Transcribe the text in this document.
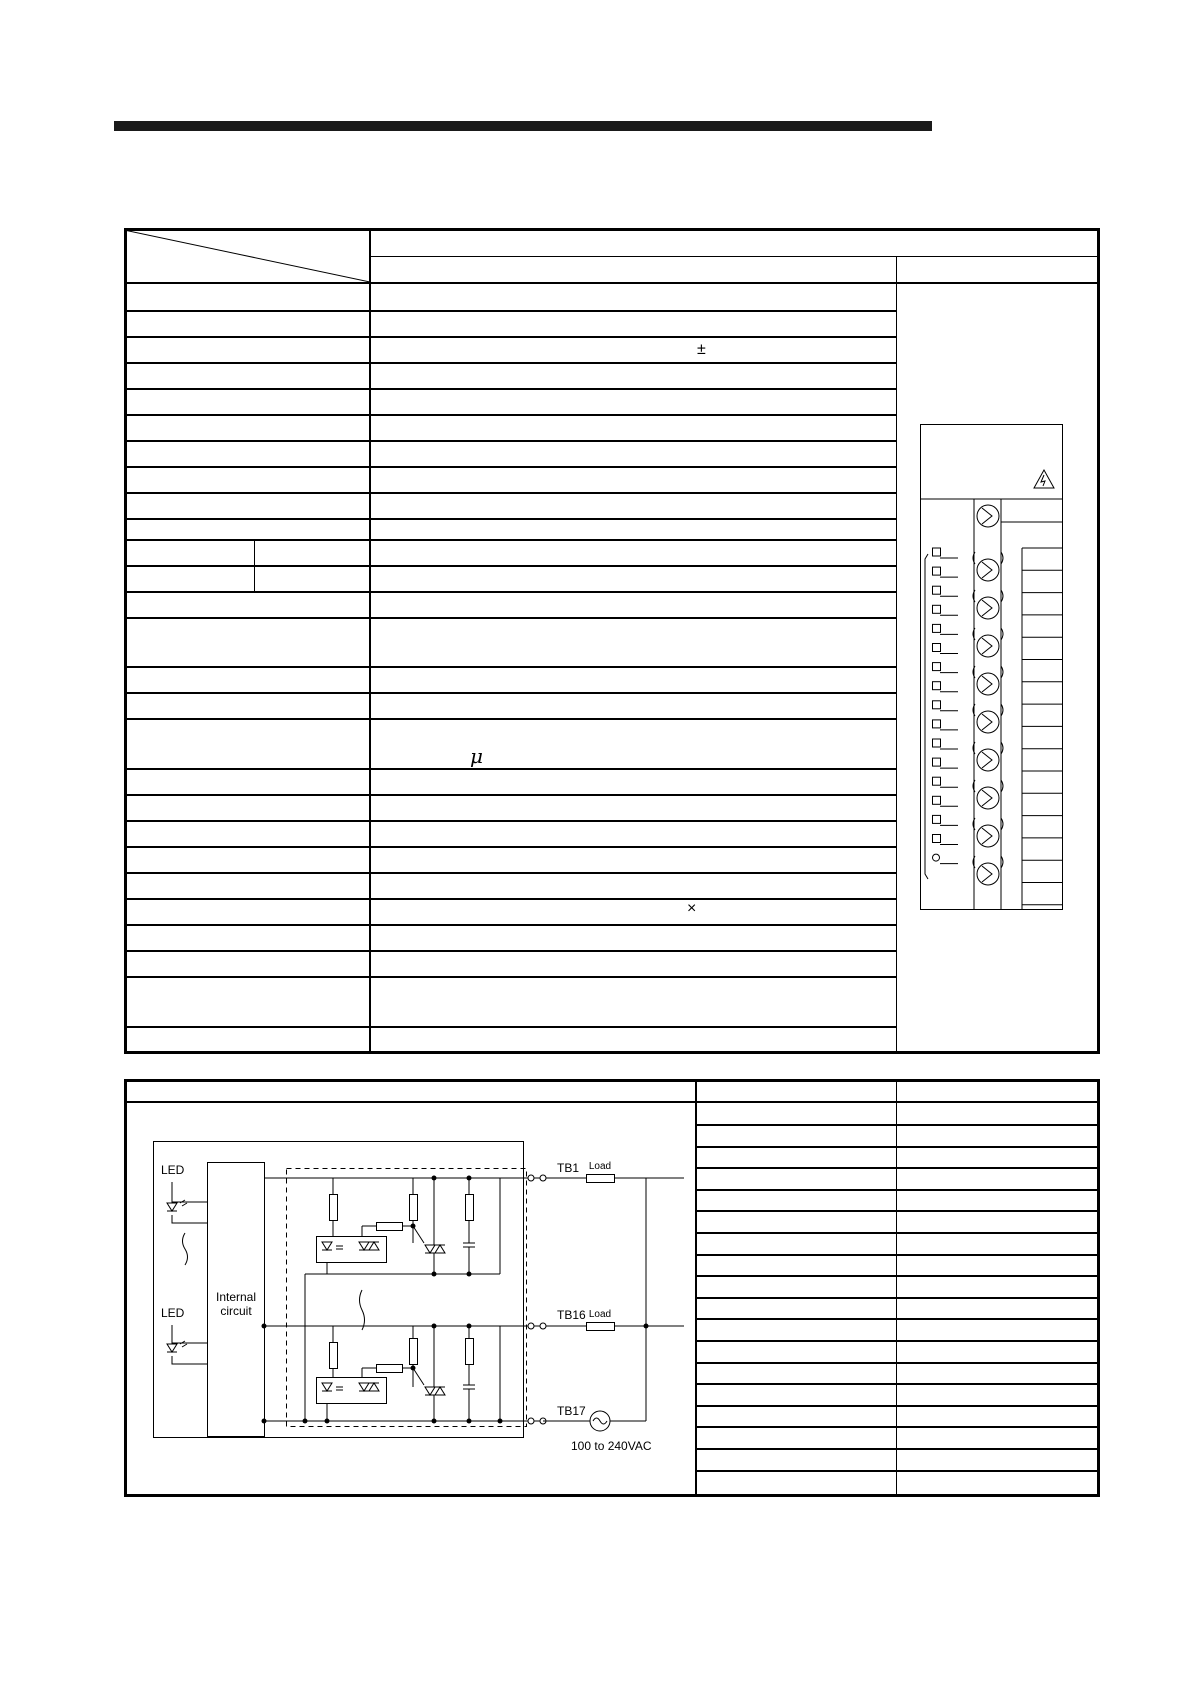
±
μ
×
LED
LED
Internal
circuit
TB1
TB16
TB17
Load
Load
100 to 240VAC
